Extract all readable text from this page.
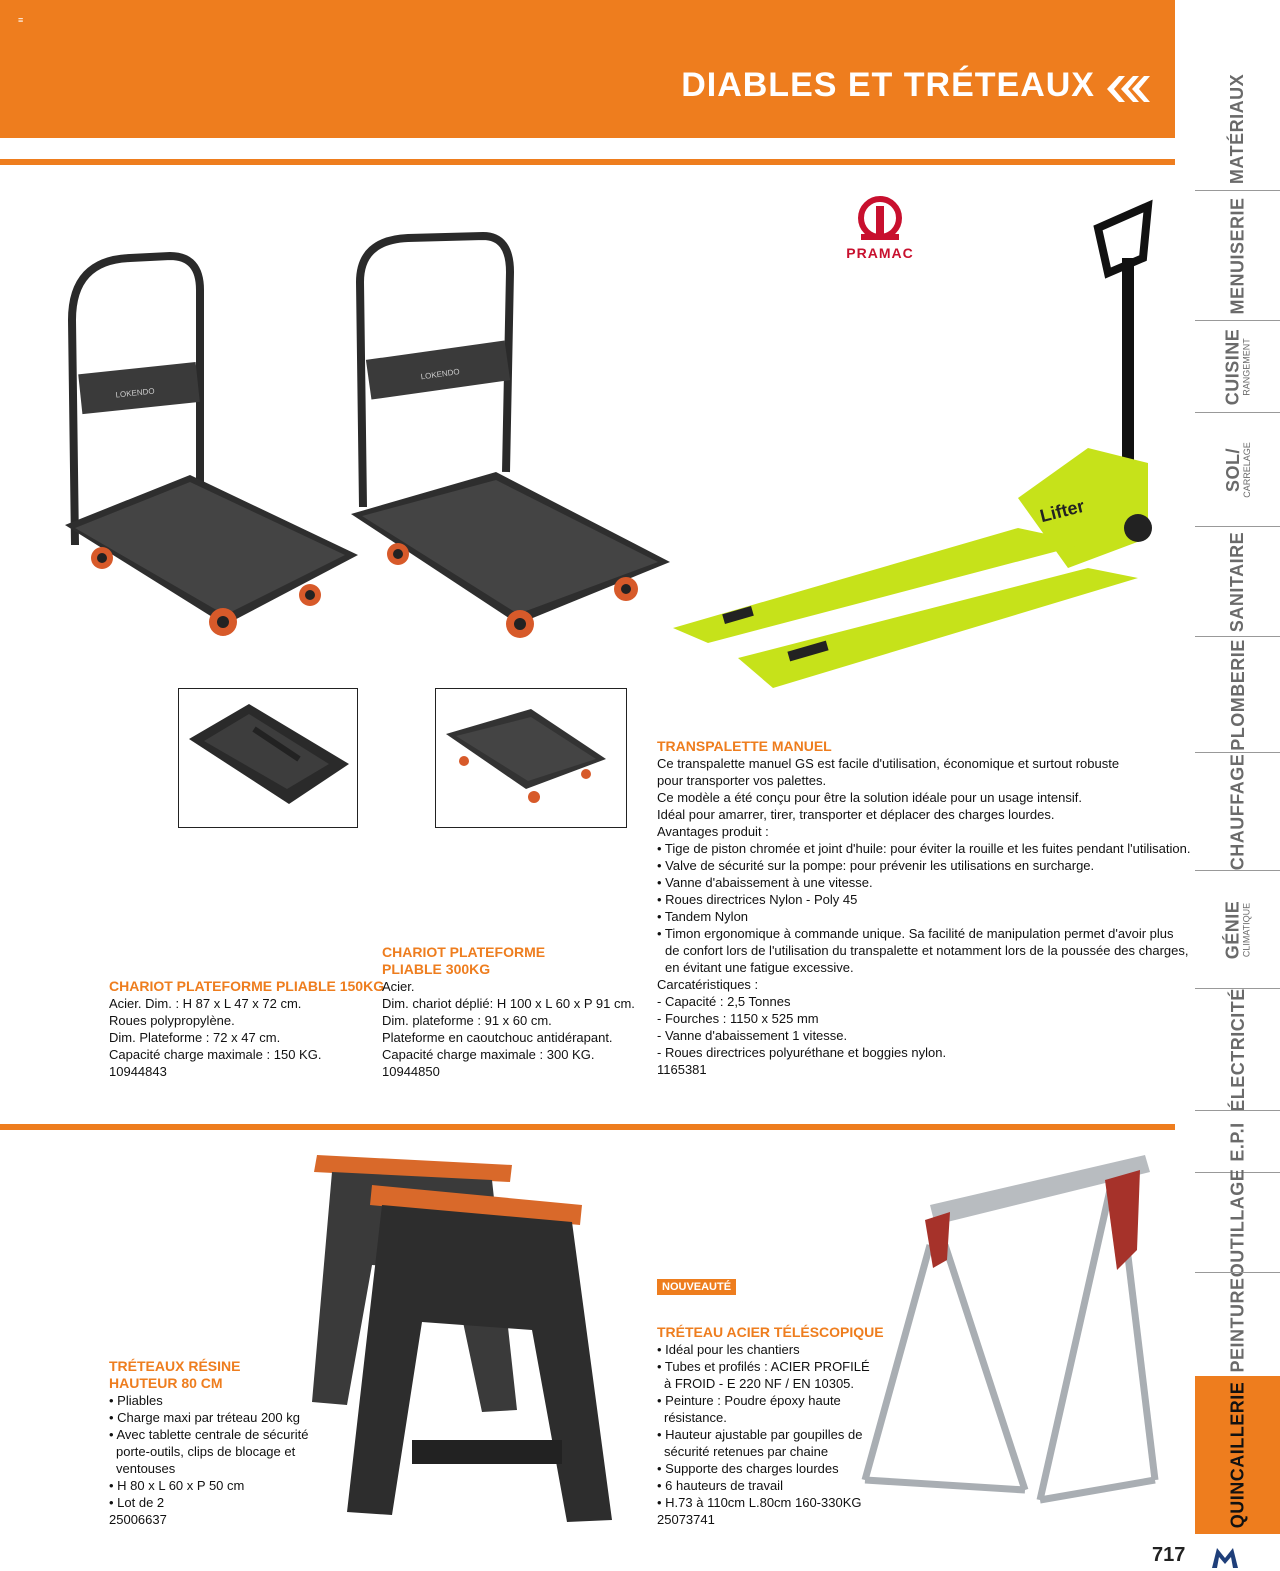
≡
DIABLES ET TRÉTEAUX	MATÉRIAUX
MENUISERIE
CUISINE RANGEMENT
SOL/ CARRELAGE
SANITAIRE
PLOMBERIE
CHAUFFAGE
GÉNIE CLIMATIQUE
ÉLECTRICITÉ
E.P.I
OUTILLAGE
PEINTURE
QUINCAILLERIE
717
LOKENDO
LOKENDO
PRAMAC
Lifter
CHARIOT PLATEFORME PLIABLE 150KG
Acier. Dim. : H 87 x L 47 x 72 cm.
Roues polypropylène.
Dim. Plateforme : 72 x 47 cm.
Capacité charge maximale : 150 KG.
10944843
CHARIOT PLATEFORME
PLIABLE 300KG
Acier.
Dim. chariot déplié: H 100 x L 60 x P 91 cm.
Dim. plateforme : 91 x 60 cm.
Plateforme en caoutchouc antidérapant.
Capacité charge maximale : 300 KG.
10944850
TRANSPALETTE MANUEL
Ce transpalette manuel GS est facile d'utilisation, économique et surtout robuste
pour transporter vos palettes.
Ce modèle a été conçu pour être la solution idéale pour un usage intensif.
Idéal pour amarrer, tirer, transporter et déplacer des charges lourdes.
Avantages produit :
• Tige de piston chromée et joint d'huile: pour éviter la rouille et les fuites pendant l'utilisation.
• Valve de sécurité sur la pompe: pour prévenir les utilisations en surcharge.
• Vanne d'abaissement à une vitesse.
• Roues directrices Nylon - Poly 45
• Tandem Nylon
• Timon ergonomique à commande unique. Sa facilité de manipulation permet d'avoir plus
de confort lors de l'utilisation du transpalette et notamment lors de la poussée des charges,
en évitant une fatigue excessive.
Carcatéristiques :
- Capacité : 2,5 Tonnes
- Fourches : 1150 x 525 mm
- Vanne d'abaissement 1 vitesse.
- Roues directrices polyuréthane et boggies nylon.
1165381
TRÉTEAUX RÉSINE
HAUTEUR 80 CM
• Pliables
• Charge maxi par tréteau 200 kg
• Avec tablette centrale de sécurité
porte-outils, clips de blocage et
ventouses
• H 80 x L 60 x P 50 cm
• Lot de 2
25006637
NOUVEAUTÉ
TRÉTEAU ACIER TÉLÉSCOPIQUE
• Idéal pour les chantiers
• Tubes et profilés : ACIER PROFILÉ
à FROID - E 220 NF / EN 10305.
• Peinture : Poudre époxy haute
résistance.
• Hauteur ajustable par goupilles de
sécurité retenues par chaine
• Supporte des charges lourdes
• 6 hauteurs de travail
• H.73 à 110cm L.80cm 160-330KG
25073741
